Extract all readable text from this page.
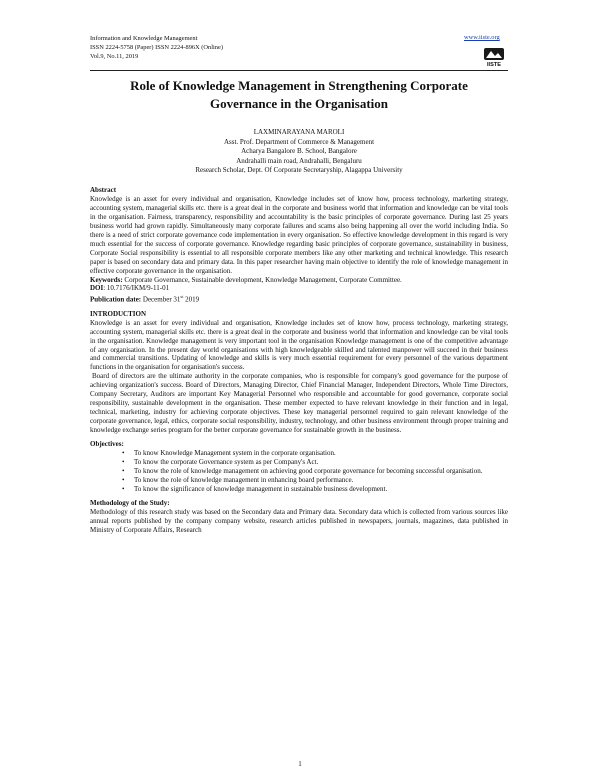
Information and Knowledge Management
ISSN 2224-5758 (Paper) ISSN 2224-896X (Online)
Vol.9, No.11, 2019
www.iiste.org
IISTE
Role of Knowledge Management in Strengthening Corporate
Governance in the Organisation
LAXMINARAYANA MAROLI
Asst. Prof. Department of Commerce & Management
Acharya Bangalore B. School, Bangalore
Andrahalli main road, Andrahalli, Bengaluru
Research Scholar, Dept. Of Corporate Secretaryship, Alagappa University

Abstract

Knowledge is an asset for every individual and organisation, Knowledge includes set of know how, process technology, marketing strategy, accounting system, managerial skills etc. there is a great deal in the corporate and business world that information and knowledge can be vital tools in the organisation. Fairness, transparency, responsibility and accountability is the basic principles of corporate governance. During last 25 years business world had grown rapidly. Simultaneously many corporate failures and scams also being happening all over the world including India. So there is a need of strict corporate governance code implementation in every organisation. So effective knowledge development in this regard is very much essential for the success of corporate governance. Knowledge regarding basic principles of corporate governance, sustainability in business, Corporate Social responsibility is essential to all responsible corporate members like any other marketing and technical knowledge. This research paper is based on secondary data and primary data. In this paper researcher having main objective to identify the role of knowledge management in effective corporate governance in the organisation.

Keywords: Corporate Governance, Sustainable development, Knowledge Management, Corporate Committee.

DOI: 10.7176/IKM/9-11-01

Publication date: December 31st 2019

INTRODUCTION

Knowledge is an asset for every individual and organisation, Knowledge includes set of know how, process technology, marketing strategy, accounting system, managerial skills etc. there is a great deal in the corporate and business world that information and knowledge can be vital tools in the organisation. Knowledge management is very important tool in the organisation Knowledge management is one of the competitive advantage of any organisation. In the present day world organisations with high knowledgeable skilled and talented manpower will succeed in their business and commercial transitions. Updating of knowledge and skills is very much essential requirement for every personnel of the various department functions in the organisation for organisation's success.

Board of directors are the ultimate authority in the corporate companies, who is responsible for company's good governance for the purpose of achieving organization's success. Board of Directors, Managing Director, Chief Financial Manager, Independent Directors, Whole Time Directors, Company Secretary, Auditors are important Key Managerial Personnel who responsible and accountable for good governance, corporate social responsibility, sustainable development in the organisation. These member expected to have relevant knowledge in their function and in legal, technical, marketing, industry for achieving corporate objectives. These key managerial personnel required to gain relevant knowledge of the corporate governance, legal, ethics, corporate social responsibility, industry, technology, and other business environment through proper training and knowledge exchange series program for the better corporate governance for sustainable growth in the business.

Objectives:

• To know Knowledge Management system in the corporate organisation.
• To know the corporate Governance system as per Company's Act.
• To know the role of knowledge management on achieving good corporate governance for becoming successful organisation.
• To know the role of knowledge management in enhancing board performance.
• To know the significance of knowledge management in sustainable business development.

Methodology of the Study:

Methodology of this research study was based on the Secondary data and Primary data. Secondary data which is collected from various sources like annual reports published by the company company website, research articles published in newspapers, journals, magazines, data published in Ministry of Corporate Affairs, Research

1
